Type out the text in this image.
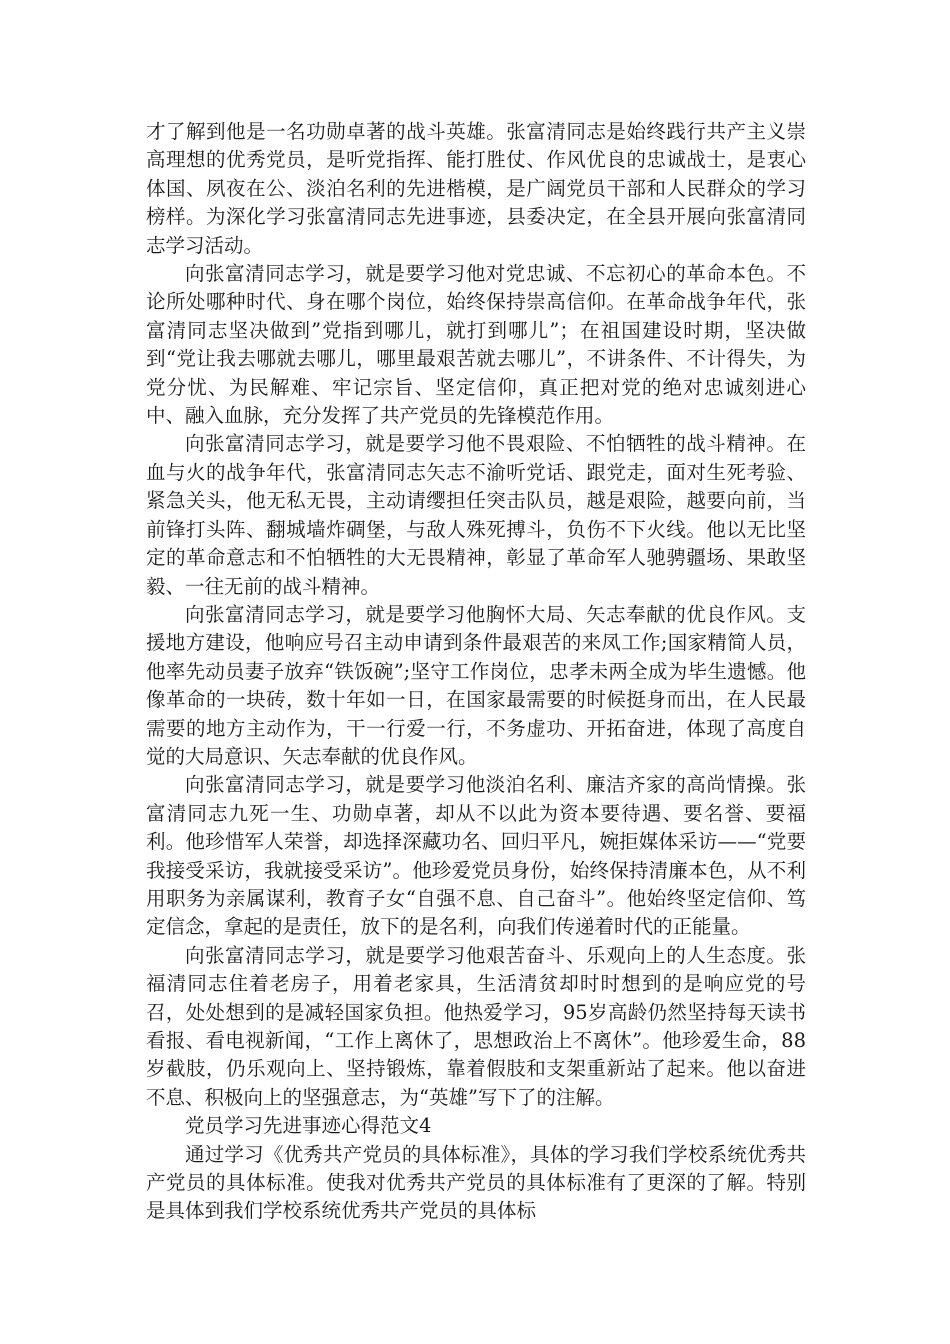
才了解到他是一名功勋卓著的战斗英雄。张富清同志是始终践行共产主义崇高理想的优秀党员，是听党指挥、能打胜仗、作风优良的忠诚战士，是衷心体国、夙夜在公、淡泊名利的先进楷模，是广阔党员干部和人民群众的学习榜样。为深化学习张富清同志先进事迹，县委决定，在全县开展向张富清同志学习活动。

向张富清同志学习，就是要学习他对党忠诚、不忘初心的革命本色。不论所处哪种时代、身在哪个岗位，始终保持崇高信仰。在革命战争年代，张富清同志坚决做到”党指到哪儿，就打到哪儿”；在祖国建设时期，坚决做到“党让我去哪就去哪儿，哪里最艰苦就去哪儿”，不讲条件、不计得失，为党分忧、为民解难、牢记宗旨、坚定信仰，真正把对党的绝对忠诚刻进心中、融入血脉，充分发挥了共产党员的先锋模范作用。

向张富清同志学习，就是要学习他不畏艰险、不怕牺牲的战斗精神。在血与火的战争年代，张富清同志矢志不渝听党话、跟党走，面对生死考验、紧急关头，他无私无畏，主动请缨担任突击队员，越是艰险，越要向前，当前锋打头阵、翻城墙炸碉堡，与敌人殊死搏斗，负伤不下火线。他以无比坚定的革命意志和不怕牺牲的大无畏精神，彰显了革命军人驰骋疆场、果敢坚毅、一往无前的战斗精神。

向张富清同志学习，就是要学习他胸怀大局、矢志奉献的优良作风。支援地方建设，他响应号召主动申请到条件最艰苦的来凤工作;国家精简人员，他率先动员妻子放弃“铁饭碗”;坚守工作岗位，忠孝未两全成为毕生遗憾。他像革命的一块砖，数十年如一日，在国家最需要的时候挺身而出，在人民最需要的地方主动作为，干一行爱一行，不务虚功、开拓奋进，体现了高度自觉的大局意识、矢志奉献的优良作风。

向张富清同志学习，就是要学习他淡泊名利、廉洁齐家的高尚情操。张富清同志九死一生、功勋卓著，却从不以此为资本要待遇、要名誉、要福利。他珍惜军人荣誉，却选择深藏功名、回归平凡，婉拒媒体采访——“党要我接受采访，我就接受采访”。他珍爱党员身份，始终保持清廉本色，从不利用职务为亲属谋利，教育子女“自强不息、自己奋斗”。他始终坚定信仰、笃定信念，拿起的是责任，放下的是名利，向我们传递着时代的正能量。

向张富清同志学习，就是要学习他艰苦奋斗、乐观向上的人生态度。张福清同志住着老房子，用着老家具，生活清贫却时时想到的是响应党的号召，处处想到的是减轻国家负担。他热爱学习，95岁高龄仍然坚持每天读书看报、看电视新闻，“工作上离休了，思想政治上不离休”。他珍爱生命，88岁截肢，仍乐观向上、坚持锻炼，靠着假肢和支架重新站了起来。他以奋进不息、积极向上的坚强意志，为“英雄”写下了的注解。

党员学习先进事迹心得范文4

通过学习《优秀共产党员的具体标准》，具体的学习我们学校系统优秀共产党员的具体标准。使我对优秀共产党员的具体标准有了更深的了解。特别是具体到我们学校系统优秀共产党员的具体标
